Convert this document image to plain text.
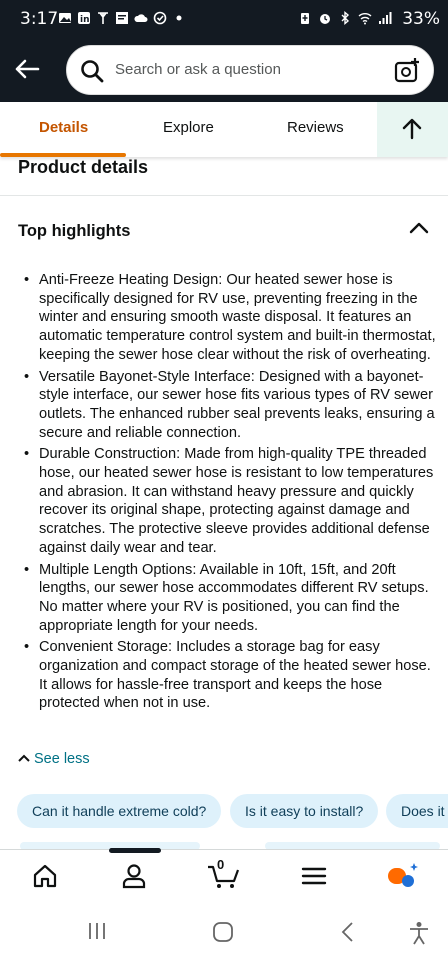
3:17 in	33%
Search or ask a question
Details	Explore	Reviews
Product details
Top highlights
• Anti-Freeze Heating Design: Our heated sewer hose is specifically designed for RV use, preventing freezing in the winter and ensuring smooth waste disposal. It features an automatic temperature control system and built-in thermostat, keeping the sewer hose clear without the risk of overheating.
• Versatile Bayonet-Style Interface: Designed with a bayonet-style interface, our sewer hose fits various types of RV sewer outlets. The enhanced rubber seal prevents leaks, ensuring a secure and reliable connection.
• Durable Construction: Made from high-quality TPE threaded hose, our heated sewer hose is resistant to low temperatures and abrasion. It can withstand heavy pressure and quickly recover its original shape, protecting against damage and scratches. The protective sleeve provides additional defense against daily wear and tear.
• Multiple Length Options: Available in 10ft, 15ft, and 20ft lengths, our sewer hose accommodates different RV setups. No matter where your RV is positioned, you can find the appropriate length for your needs.
• Convenient Storage: Includes a storage bag for easy organization and compact storage of the heated sewer hose. It allows for hassle-free transport and keeps the hose protected when not in use.
See less
Can it handle extreme cold?	Is it easy to install?	Does it
0
